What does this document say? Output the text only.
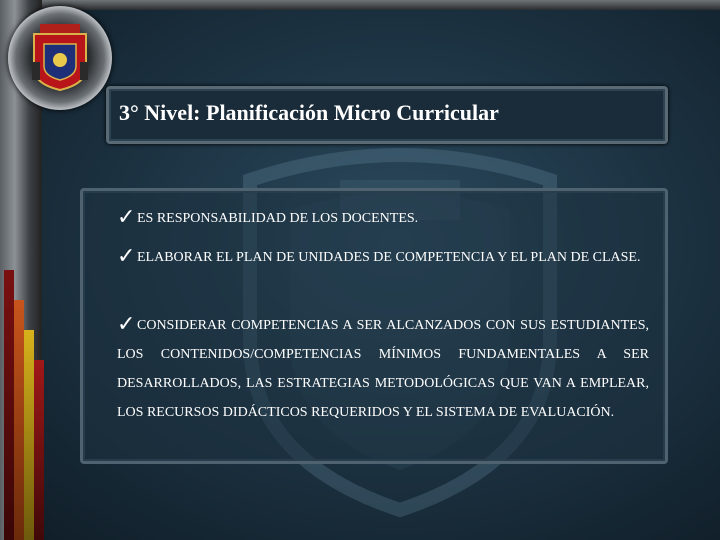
3° Nivel: Planificación Micro Curricular
✓ ES RESPONSABILIDAD DE LOS DOCENTES.
✓ ELABORAR EL PLAN DE UNIDADES DE COMPETENCIA Y EL PLAN DE CLASE.
✓ CONSIDERAR COMPETENCIAS A SER ALCANZADOS CON SUS ESTUDIANTES, LOS CONTENIDOS/COMPETENCIAS MÍNIMOS FUNDAMENTALES A SER DESARROLLADOS, LAS ESTRATEGIAS METODOLÓGICAS QUE VAN A EMPLEAR, LOS RECURSOS DIDÁCTICOS REQUERIDOS Y EL SISTEMA DE EVALUACIÓN.
